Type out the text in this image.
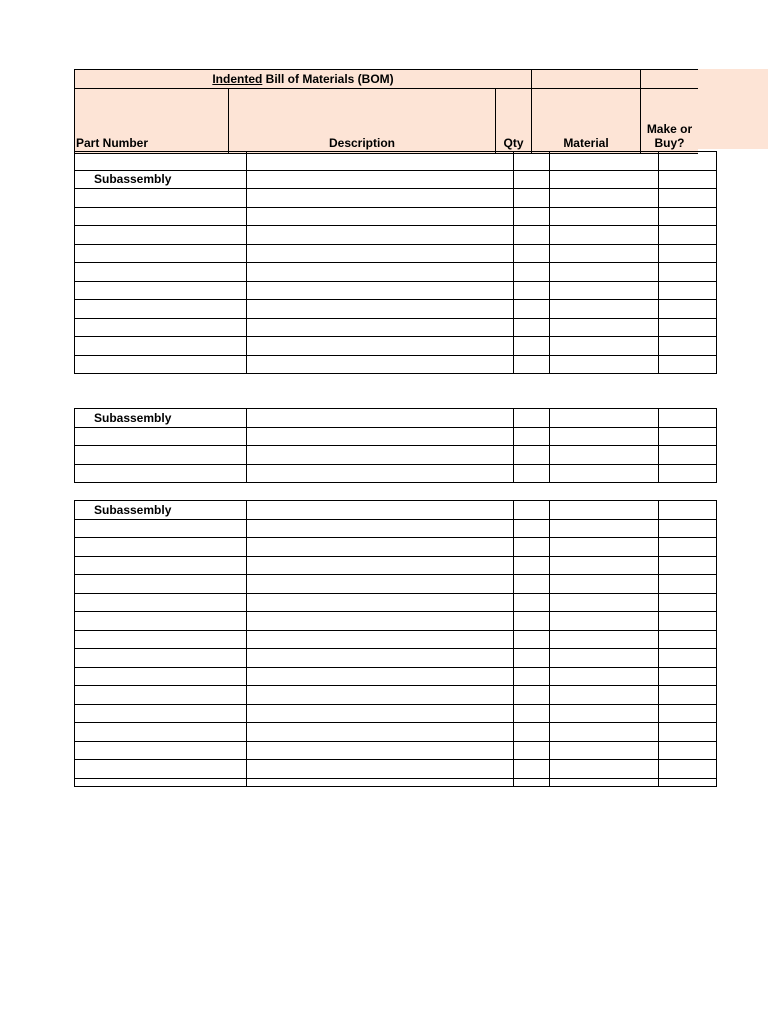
Indented Bill of Materials (BOM)				
Part Number	Description	Qty	Material	Make or Buy?

Subassembly				

Subassembly				

Subassembly				
